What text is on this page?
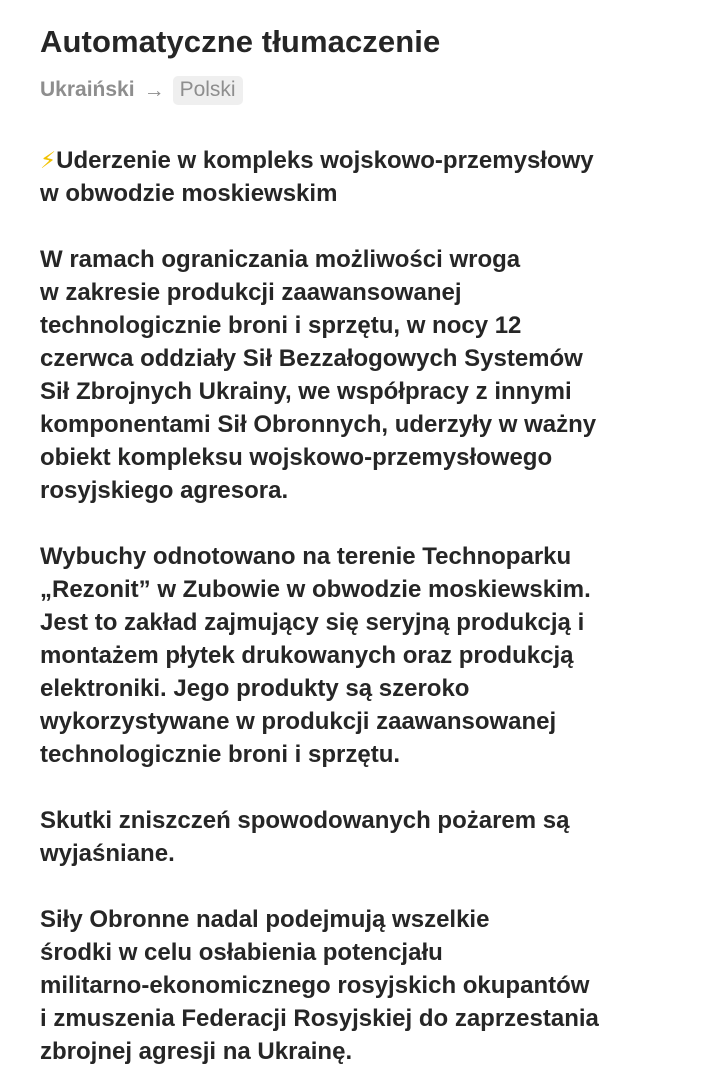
Automatyczne tłumaczenie
Ukraiński → Polski

⚡Uderzenie w kompleks wojskowo-przemysłowy
w obwodzie moskiewskim

W ramach ograniczania możliwości wroga
w zakresie produkcji zaawansowanej
technologicznie broni i sprzętu, w nocy 12
czerwca oddziały Sił Bezzałogowych Systemów
Sił Zbrojnych Ukrainy, we współpracy z innymi
komponentami Sił Obronnych, uderzyły w ważny
obiekt kompleksu wojskowo-przemysłowego
rosyjskiego agresora.

Wybuchy odnotowano na terenie Technoparku
„Rezonit” w Zubowie w obwodzie moskiewskim.
Jest to zakład zajmujący się seryjną produkcją i
montażem płytek drukowanych oraz produkcją
elektroniki. Jego produkty są szeroko
wykorzystywane w produkcji zaawansowanej
technologicznie broni i sprzętu.

Skutki zniszczeń spowodowanych pożarem są
wyjaśniane.

Siły Obronne nadal podejmują wszelkie
środki w celu osłabienia potencjału
militarno-ekonomicznego rosyjskich okupantów
i zmuszenia Federacji Rosyjskiej do zaprzestania
zbrojnej agresji na Ukrainę.
